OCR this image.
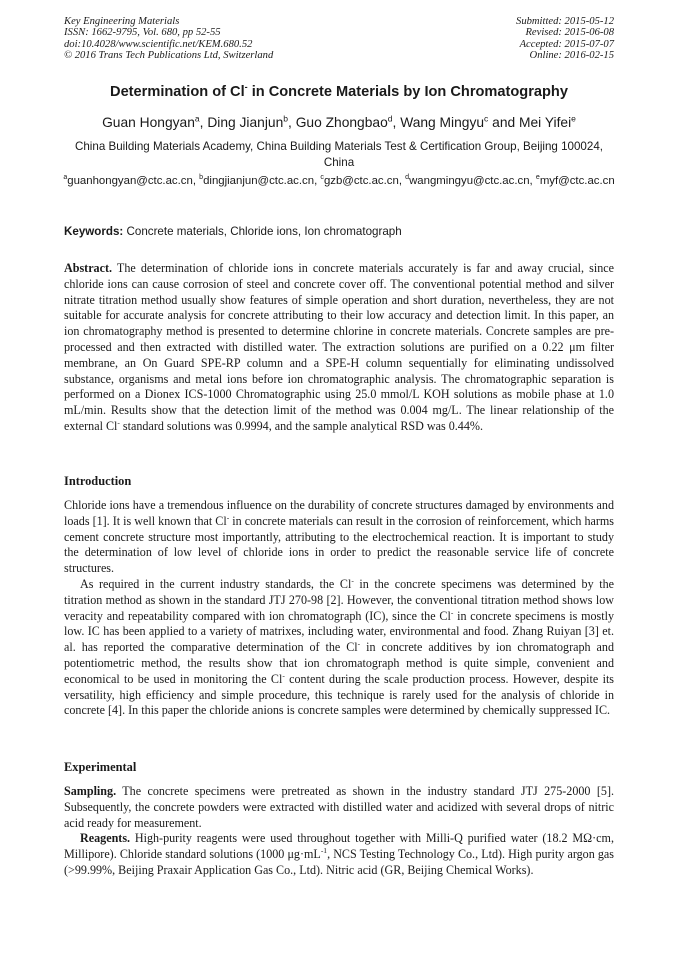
Key Engineering Materials
ISSN: 1662-9795, Vol. 680, pp 52-55
doi:10.4028/www.scientific.net/KEM.680.52
© 2016 Trans Tech Publications Ltd, Switzerland
Submitted: 2015-05-12
Revised: 2015-06-08
Accepted: 2015-07-07
Online: 2016-02-15
Determination of Cl- in Concrete Materials by Ion Chromatography
Guan Hongyan$^a$, Ding Jianjun$^b$, Guo Zhongbao$^d$, Wang Mingyu$^c$ and Mei Yifei$^e$
China Building Materials Academy, China Building Materials Test & Certification Group, Beijing 100024, China
$^a$guanhongyan@ctc.ac.cn, $^b$dingjianjun@ctc.ac.cn, $^c$gzb@ctc.ac.cn, $^d$wangmingyu@ctc.ac.cn, $^e$myf@ctc.ac.cn
Keywords: Concrete materials, Chloride ions, Ion chromatograph
Abstract. The determination of chloride ions in concrete materials accurately is far and away crucial, since chloride ions can cause corrosion of steel and concrete cover off. The conventional potential method and silver nitrate titration method usually show features of simple operation and short duration, nevertheless, they are not suitable for accurate analysis for concrete attributing to their low accuracy and detection limit. In this paper, an ion chromatography method is presented to determine chlorine in concrete materials. Concrete samples are pre-processed and then extracted with distilled water. The extraction solutions are purified on a 0.22 μm filter membrane, an On Guard SPE-RP column and a SPE-H column sequentially for eliminating undissolved substance, organisms and metal ions before ion chromatographic analysis. The chromatographic separation is performed on a Dionex ICS-1000 Chromatographic using 25.0 mmol/L KOH solutions as mobile phase at 1.0 mL/min. Results show that the detection limit of the method was 0.004 mg/L. The linear relationship of the external Cl- standard solutions was 0.9994, and the sample analytical RSD was 0.44%.
Introduction

Chloride ions have a tremendous influence on the durability of concrete structures damaged by environments and loads [1]. It is well known that Cl- in concrete materials can result in the corrosion of reinforcement, which harms cement concrete structure most importantly, attributing to the electrochemical reaction. It is important to study the determination of low level of chloride ions in order to predict the reasonable service life of concrete structures.

As required in the current industry standards, the Cl- in the concrete specimens was determined by the titration method as shown in the standard JTJ 270-98 [2]. However, the conventional titration method shows low veracity and repeatability compared with ion chromatograph (IC), since the Cl- in concrete specimens is mostly low. IC has been applied to a variety of matrixes, including water, environmental and food. Zhang Ruiyan [3] et. al. has reported the comparative determination of the Cl- in concrete additives by ion chromatograph and potentiometric method, the results show that ion chromatograph method is quite simple, convenient and economical to be used in monitoring the Cl- content during the scale production process. However, despite its versatility, high efficiency and simple procedure, this technique is rarely used for the analysis of chloride in concrete [4]. In this paper the chloride anions is concrete samples were determined by chemically suppressed IC.

Experimental

Sampling. The concrete specimens were pretreated as shown in the industry standard JTJ 275-2000 [5]. Subsequently, the concrete powders were extracted with distilled water and acidized with several drops of nitric acid ready for measurement.

Reagents. High-purity reagents were used throughout together with Milli-Q purified water (18.2 MΩ·cm, Millipore). Chloride standard solutions (1000 $\mu g\cdot mL^{-1}$, NCS Testing Technology Co., Ltd). High purity argon gas (>99.99%, Beijing Praxair Application Gas Co., Ltd). Nitric acid (GR, Beijing Chemical Works).
